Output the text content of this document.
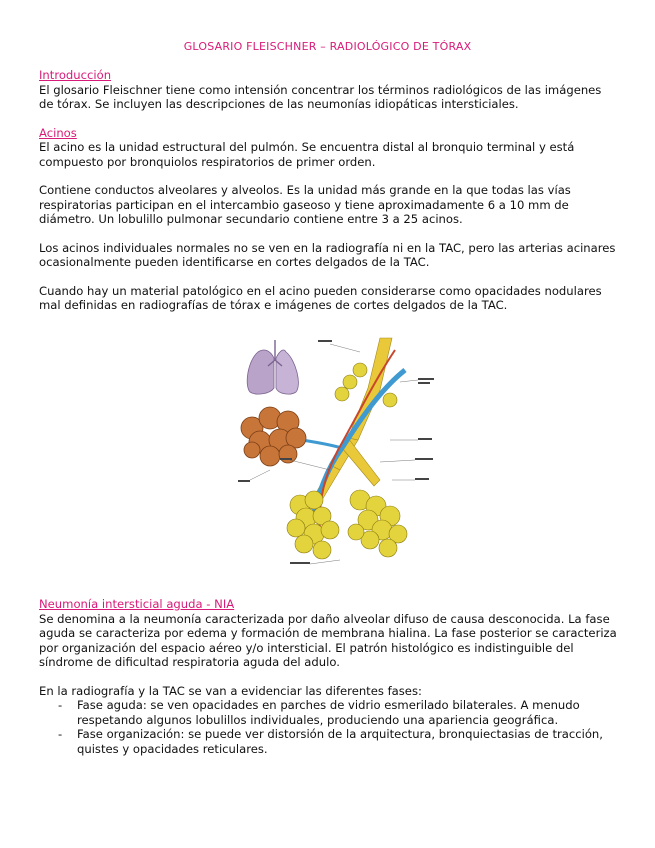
GLOSARIO FLEISCHNER – RADIOLÓGICO DE TÓRAX
Introducción

El glosario Fleischner tiene como intensión concentrar los términos radiológicos de las imágenes de tórax. Se incluyen las descripciones de las neumonías idiopáticas intersticiales.

Acinos

El acino es la unidad estructural del pulmón. Se encuentra distal al bronquio terminal y está compuesto por bronquiolos respiratorios de primer orden.

Contiene conductos alveolares y alveolos. Es la unidad más grande en la que todas las vías respiratorias participan en el intercambio gaseoso y tiene aproximadamente 6 a 10 mm de diámetro. Un lobulillo pulmonar secundario contiene entre 3 a 25 acinos.

Los acinos individuales normales no se ven en la radiografía ni en la TAC, pero las arterias acinares ocasionalmente pueden identificarse en cortes delgados de la TAC.

Cuando hay un material patológico en el acino pueden considerarse como opacidades nodulares mal definidas en radiografías de tórax e imágenes de cortes delgados de la TAC.

Neumonía intersticial aguda - NIA

Se denomina a la neumonía caracterizada por daño alveolar difuso de causa desconocida. La fase aguda se caracteriza por edema y formación de membrana hialina. La fase posterior se caracteriza por organización del espacio aéreo y/o intersticial. El patrón histológico es indistinguible del síndrome de dificultad respiratoria aguda del adulo.

En la radiografía y la TAC se van a evidenciar las diferentes fases:

- Fase aguda: se ven opacidades en parches de vidrio esmerilado bilaterales. A menudo respetando algunos lobulillos individuales, produciendo una apariencia geográfica.
- Fase organización: se puede ver distorsión de la arquitectura, bronquiectasias de tracción, quistes y opacidades reticulares.
